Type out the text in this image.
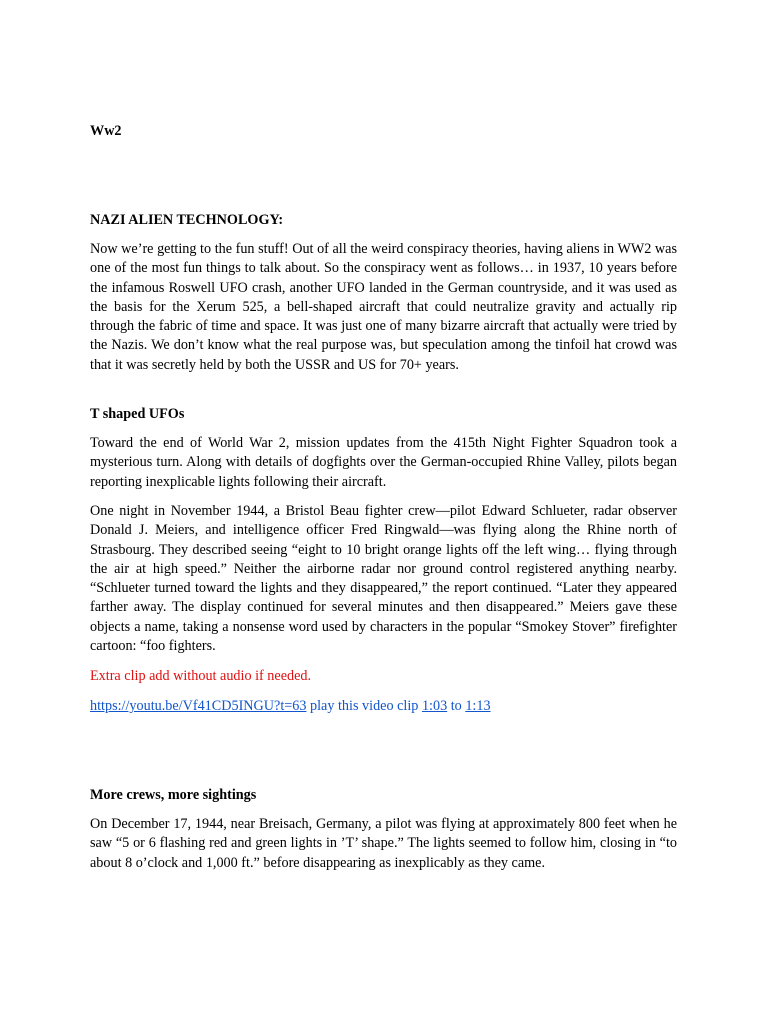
Ww2

NAZI ALIEN TECHNOLOGY:

Now we’re getting to the fun stuff! Out of all the weird conspiracy theories, having aliens in WW2 was one of the most fun things to talk about. So the conspiracy went as follows… in 1937, 10 years before the infamous Roswell UFO crash, another UFO landed in the German countryside, and it was used as the basis for the Xerum 525, a bell-shaped aircraft that could neutralize gravity and actually rip through the fabric of time and space. It was just one of many bizarre aircraft that actually were tried by the Nazis. We don’t know what the real purpose was, but speculation among the tinfoil hat crowd was that it was secretly held by both the USSR and US for 70+ years.

T shaped UFOs

Toward the end of World War 2, mission updates from the 415th Night Fighter Squadron took a mysterious turn. Along with details of dogfights over the German-occupied Rhine Valley, pilots began reporting inexplicable lights following their aircraft.

One night in November 1944, a Bristol Beau fighter crew—pilot Edward Schlueter, radar observer Donald J. Meiers, and intelligence officer Fred Ringwald—was flying along the Rhine north of Strasbourg. They described seeing “eight to 10 bright orange lights off the left wing… flying through the air at high speed.” Neither the airborne radar nor ground control registered anything nearby. “Schlueter turned toward the lights and they disappeared,” the report continued. “Later they appeared farther away. The display continued for several minutes and then disappeared.” Meiers gave these objects a name, taking a nonsense word used by characters in the popular “Smokey Stover” firefighter cartoon: “foo fighters.

Extra clip add without audio if needed.

https://youtu.be/Vf41CD5INGU?t=63 play this video clip 1:03 to 1:13

More crews, more sightings

On December 17, 1944, near Breisach, Germany, a pilot was flying at approximately 800 feet when he saw “5 or 6 flashing red and green lights in ’T’ shape.” The lights seemed to follow him, closing in “to about 8 o’clock and 1,000 ft.” before disappearing as inexplicably as they came.
